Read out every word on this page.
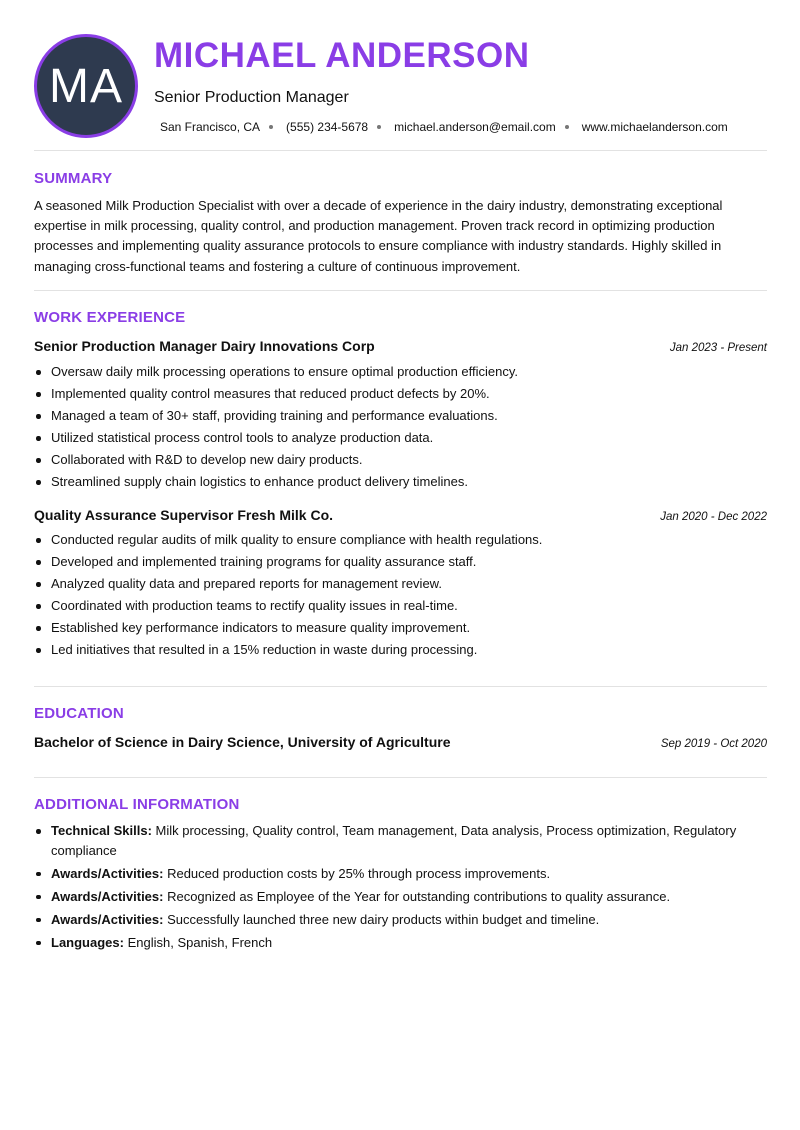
MA
MICHAEL ANDERSON
Senior Production Manager
San Francisco, CA (555) 234-5678 michael.anderson@email.com www.michaelanderson.com
SUMMARY

A seasoned Milk Production Specialist with over a decade of experience in the dairy industry, demonstrating exceptional expertise in milk processing, quality control, and production management. Proven track record in optimizing production processes and implementing quality assurance protocols to ensure compliance with industry standards. Highly skilled in managing cross-functional teams and fostering a culture of continuous improvement.

WORK EXPERIENCE
Senior Production Manager Dairy Innovations Corp	Jan 2023 - Present
Oversaw daily milk processing operations to ensure optimal production efficiency.
Implemented quality control measures that reduced product defects by 20%.
Managed a team of 30+ staff, providing training and performance evaluations.
Utilized statistical process control tools to analyze production data.
Collaborated with R&D to develop new dairy products.
Streamlined supply chain logistics to enhance product delivery timelines.
Quality Assurance Supervisor Fresh Milk Co.	Jan 2020 - Dec 2022
Conducted regular audits of milk quality to ensure compliance with health regulations.
Developed and implemented training programs for quality assurance staff.
Analyzed quality data and prepared reports for management review.
Coordinated with production teams to rectify quality issues in real-time.
Established key performance indicators to measure quality improvement.
Led initiatives that resulted in a 15% reduction in waste during processing.
EDUCATION
Bachelor of Science in Dairy Science, University of Agriculture	Sep 2019 - Oct 2020
ADDITIONAL INFORMATION
Technical Skills: Milk processing, Quality control, Team management, Data analysis, Process optimization, Regulatory compliance
Awards/Activities: Reduced production costs by 25% through process improvements.
Awards/Activities: Recognized as Employee of the Year for outstanding contributions to quality assurance.
Awards/Activities: Successfully launched three new dairy products within budget and timeline.
Languages: English, Spanish, French
